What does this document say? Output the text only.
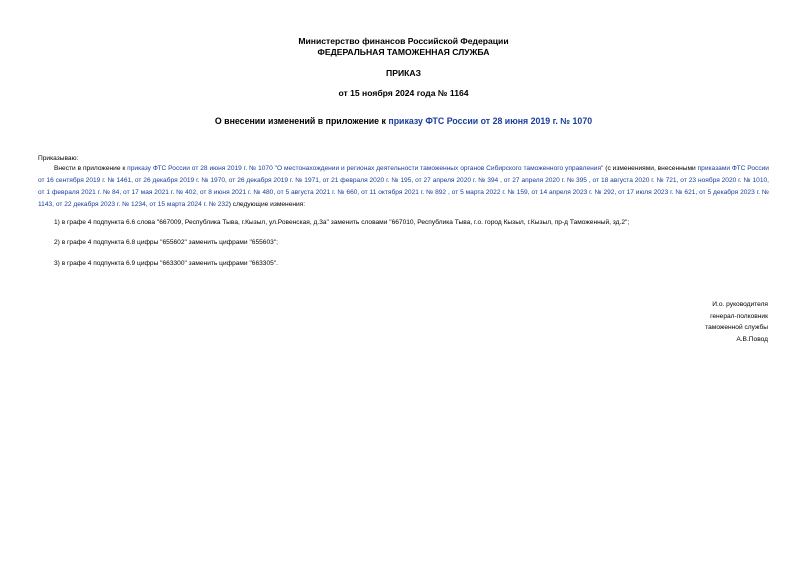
Министерство финансов Российской Федерации
ФЕДЕРАЛЬНАЯ ТАМОЖЕННАЯ СЛУЖБА
ПРИКАЗ
от 15 ноября 2024 года № 1164
О внесении изменений в приложение к приказу ФТС России от 28 июня 2019 г. № 1070
Приказываю:

Внести в приложение к приказу ФТС России от 28 июня 2019 г. № 1070 "О местонахождении и регионах деятельности таможенных органов Сибирского таможенного управления" (с изменениями, внесенными приказами ФТС России от 16 сентября 2019 г. № 1461, от 26 декабря 2019 г. № 1970, от 26 декабря 2019 г. № 1971, от 21 февраля 2020 г. № 195, от 27 апреля 2020 г. № 394 , от 27 апреля 2020 г. № 395 , от 18 августа 2020 г. № 721, от 23 ноября 2020 г. № 1010, от 1 февраля 2021 г. № 84, от 17 мая 2021 г. № 402, от 8 июня 2021 г. № 480, от 5 августа 2021 г. № 660, от 11 октября 2021 г. № 892 , от 5 марта 2022 г. № 159, от 14 апреля 2023 г. № 292, от 17 июля 2023 г. № 621, от 5 декабря 2023 г. № 1143, от 22 декабря 2023 г. № 1234, от 15 марта 2024 г. № 232) следующие изменения:

1) в графе 4 подпункта 6.6 слова "667009, Республика Тыва, г.Кызыл, ул.Ровенская, д.3а" заменить словами "667010, Республика Тыва, г.о. город Кызыл, г.Кызыл, пр-д Таможенный, зд.2";
2) в графе 4 подпункта 6.8 цифры "655602" заменить цифрами "655603";
3) в графе 4 подпункта 6.9 цифры "663300" заменить цифрами "663305".
И.о. руководителя
генерал-полковник
таможенной службы
А.В.Повод
